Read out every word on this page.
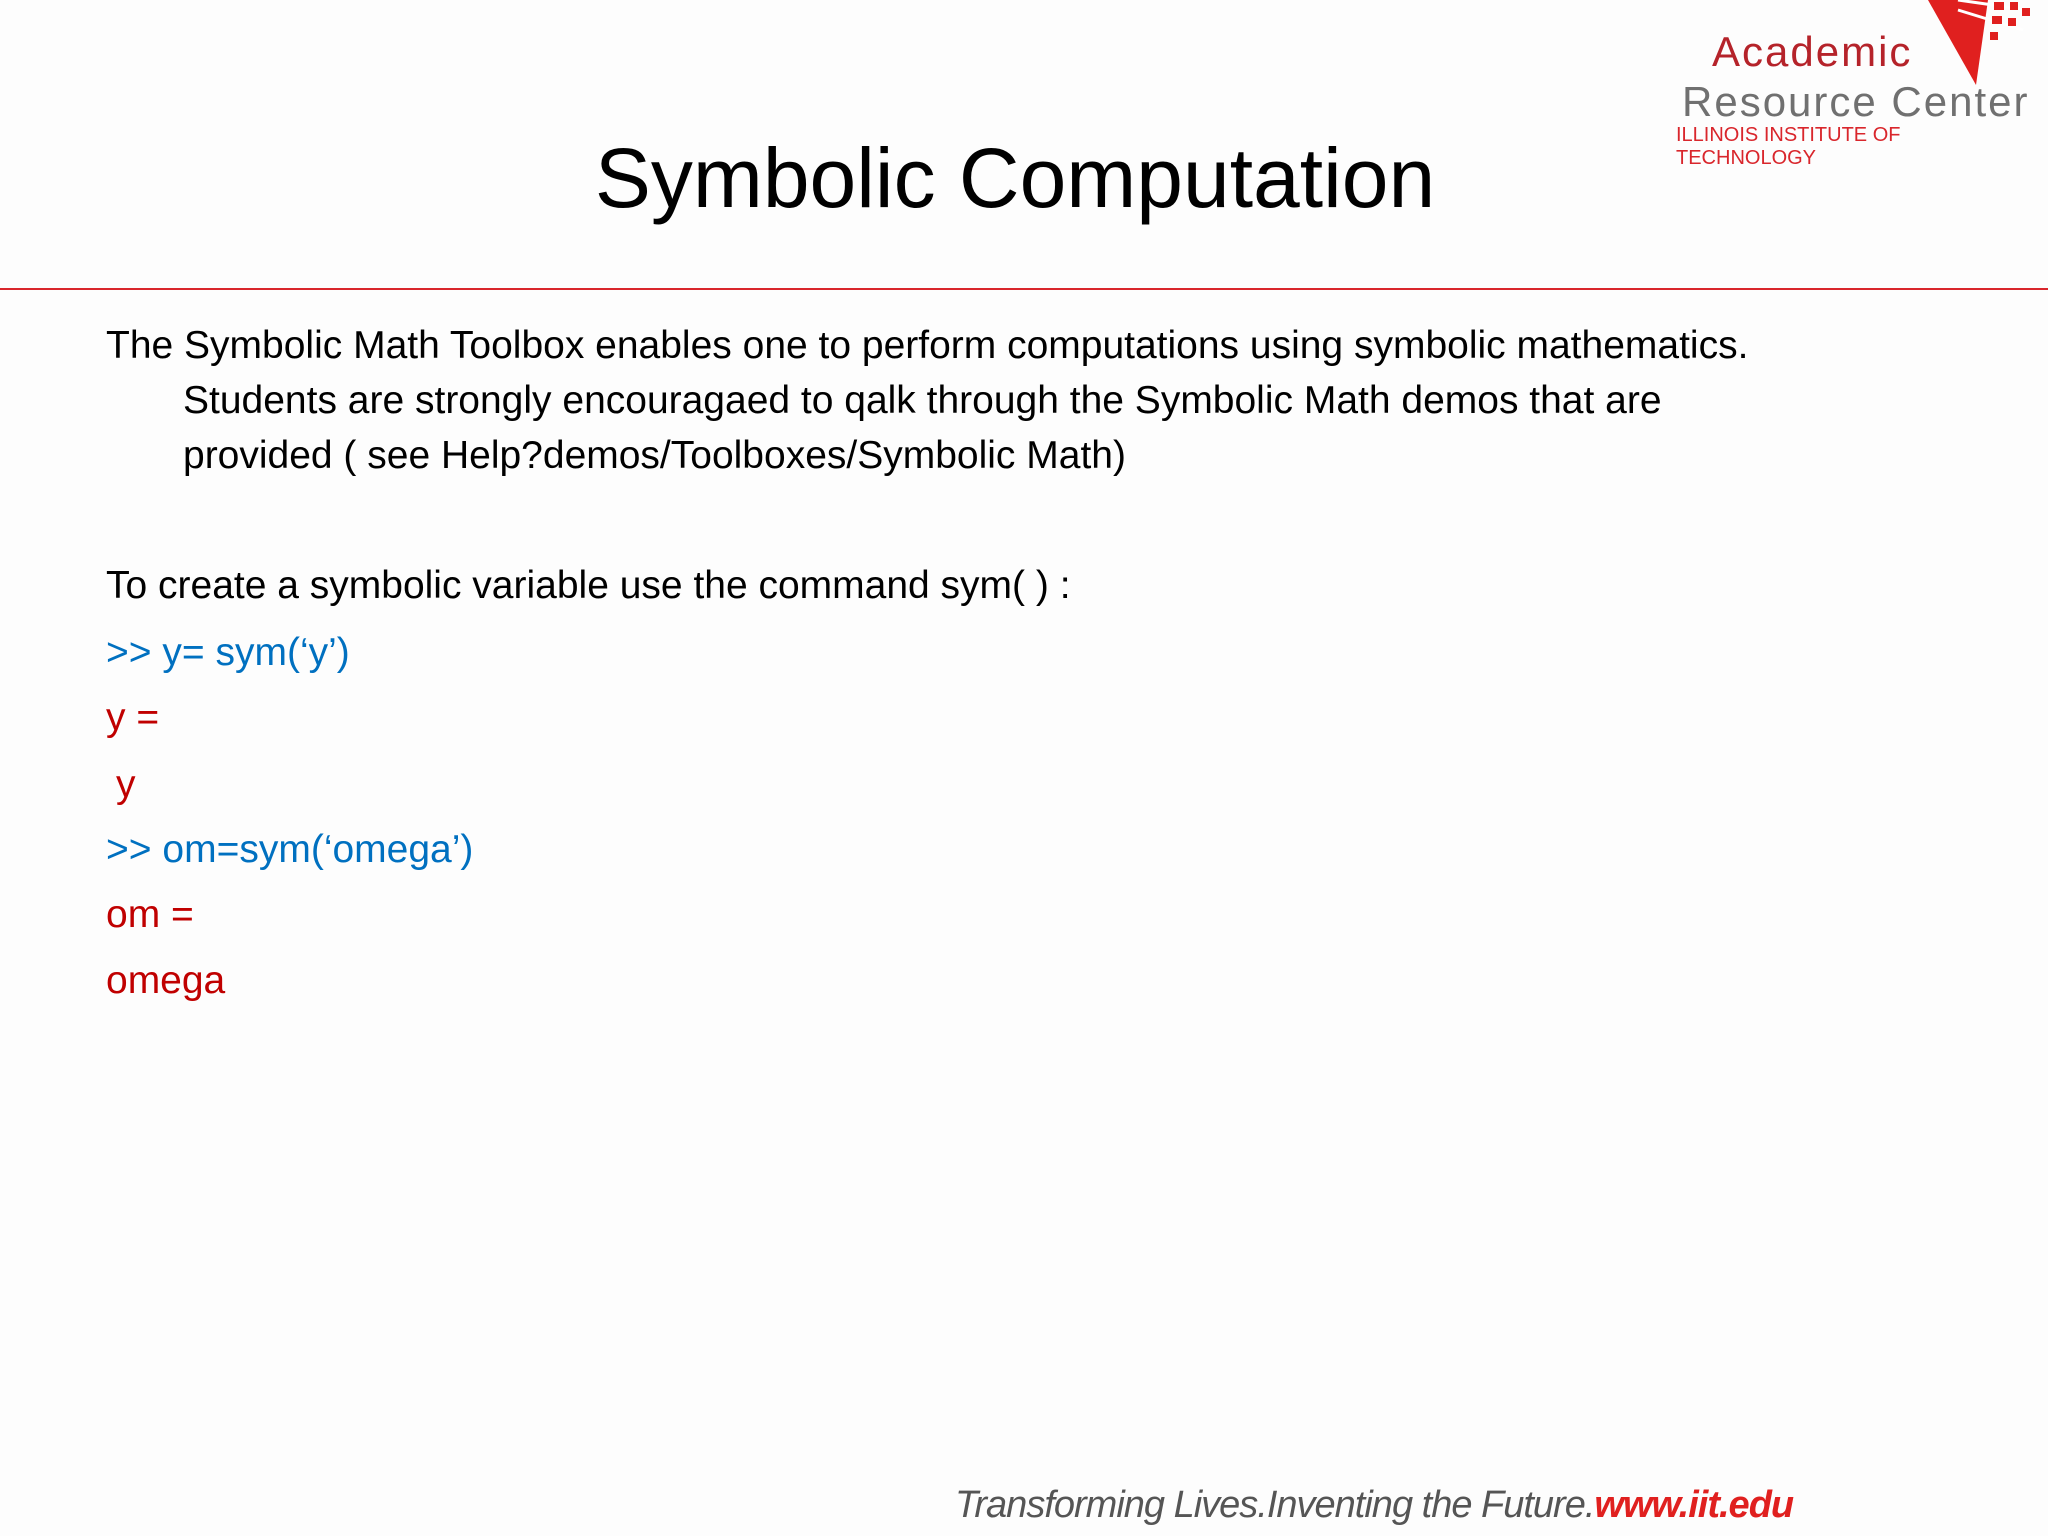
Academic
Resource Center
ILLINOIS INSTITUTE OF TECHNOLOGY
Symbolic Computation
The Symbolic Math Toolbox enables one to perform computations using symbolic mathematics.
Students are strongly encouragaed to qalk through the Symbolic Math demos that are
provided ( see Help?demos/Toolboxes/Symbolic Math)
To create a symbolic variable use the command sym( ) :
>> y= sym(‘y’)
y =
y
>> om=sym(‘omega’)
om =
omega
Transforming Lives.Inventing the Future.www.iit.edu
